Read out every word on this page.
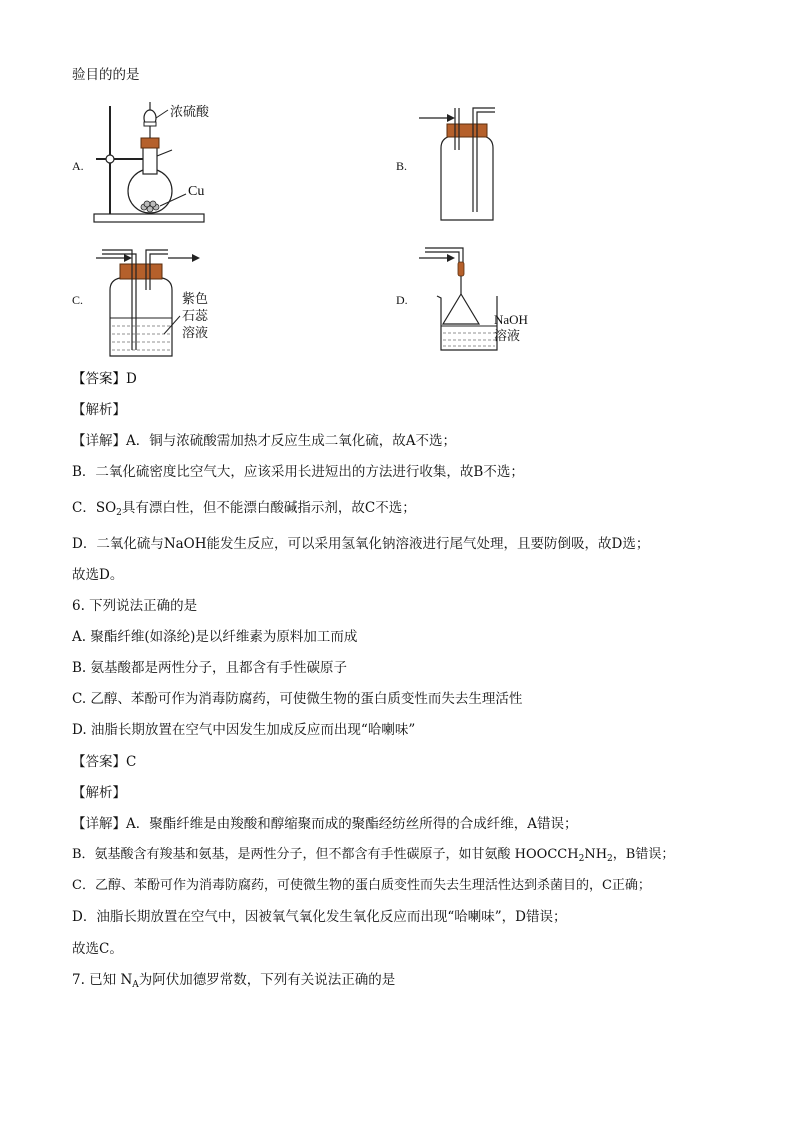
验目的的是
A.
浓硫酸
Cu
B.
C.	紫色
石蕊
溶液
D.
NaOH
溶液
【答案】D
【解析】
【详解】A．铜与浓硫酸需加热才反应生成二氧化硫，故A不选；
B．二氧化硫密度比空气大，应该采用长进短出的方法进行收集，故B不选；
C．$SO_2$具有漂白性，但不能漂白酸碱指示剂，故C不选；
D．二氧化硫与NaOH能发生反应，可以采用氢氧化钠溶液进行尾气处理，且要防倒吸，故D选；
故选D。
6. 下列说法正确的是
A. 聚酯纤维(如涤纶)是以纤维素为原料加工而成
B. 氨基酸都是两性分子，且都含有手性碳原子
C. 乙醇、苯酚可作为消毒防腐药，可使微生物的蛋白质变性而失去生理活性
D. 油脂长期放置在空气中因发生加成反应而出现“哈喇味”
【答案】C
【解析】
【详解】A．聚酯纤维是由羧酸和醇缩聚而成的聚酯经纺丝所得的合成纤维，A错误；
B．氨基酸含有羧基和氨基，是两性分子，但不都含有手性碳原子，如甘氨酸 $HOOCCH_2NH_2$，B错误；
C．乙醇、苯酚可作为消毒防腐药，可使微生物的蛋白质变性而失去生理活性达到杀菌目的，C正确；
D．油脂长期放置在空气中，因被氧气氧化发生氧化反应而出现“哈喇味”，D错误；
故选C。
7. 已知 $N_A$为阿伏加德罗常数，下列有关说法正确的是
